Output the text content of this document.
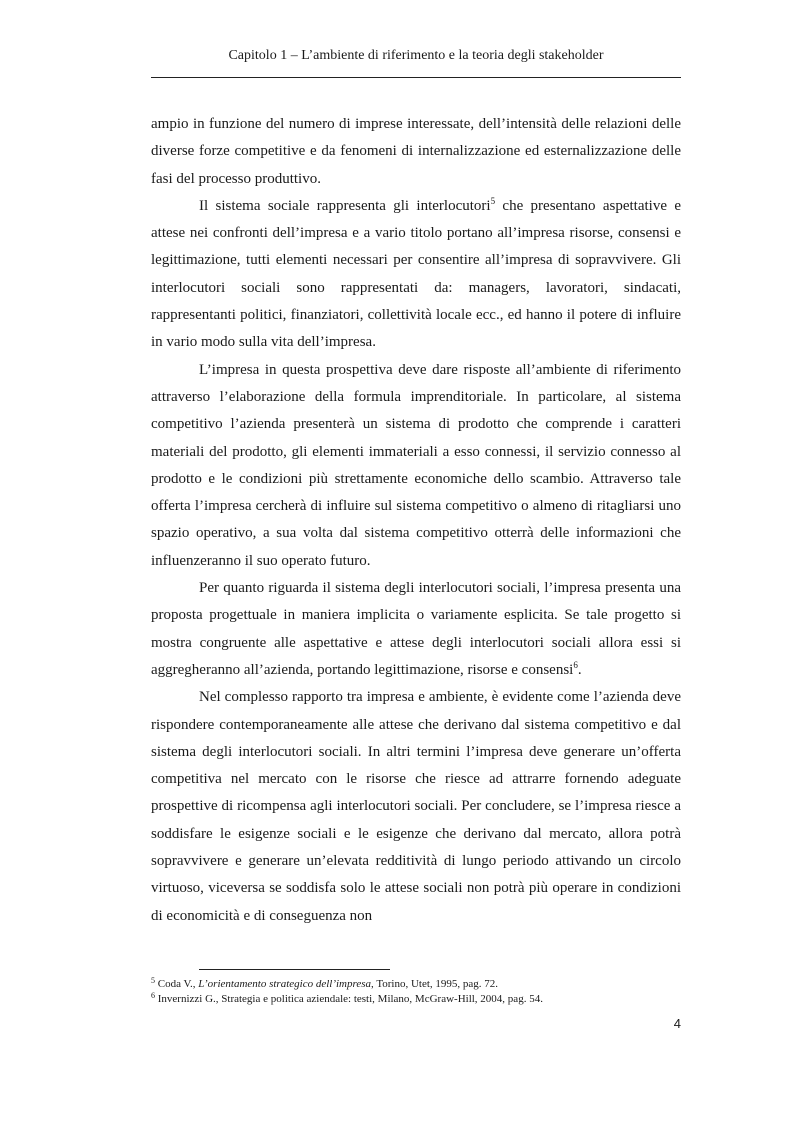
Capitolo 1 – L’ambiente di riferimento e la teoria degli stakeholder

ampio in funzione del numero di imprese interessate, dell’intensità delle relazioni delle diverse forze competitive e da fenomeni di internalizzazione ed esternalizzazione delle fasi del processo produttivo.

Il sistema sociale rappresenta gli interlocutori$^5$ che presentano aspettative e attese nei confronti dell’impresa e a vario titolo portano all’impresa risorse, consensi e legittimazione, tutti elementi necessari per consentire all’impresa di sopravvivere. Gli interlocutori sociali sono rappresentati da: managers, lavoratori, sindacati, rappresentanti politici, finanziatori, collettività locale ecc., ed hanno il potere di influire in vario modo sulla vita dell’impresa.

L’impresa in questa prospettiva deve dare risposte all’ambiente di riferimento attraverso l’elaborazione della formula imprenditoriale. In particolare, al sistema competitivo l’azienda presenterà un sistema di prodotto che comprende i caratteri materiali del prodotto, gli elementi immateriali a esso connessi, il servizio connesso al prodotto e le condizioni più strettamente economiche dello scambio. Attraverso tale offerta l’impresa cercherà di influire sul sistema competitivo o almeno di ritagliarsi uno spazio operativo, a sua volta dal sistema competitivo otterrà delle informazioni che influenzeranno il suo operato futuro.

Per quanto riguarda il sistema degli interlocutori sociali, l’impresa presenta una proposta progettuale in maniera implicita o variamente esplicita. Se tale progetto si mostra congruente alle aspettative e attese degli interlocutori sociali allora essi si aggregheranno all’azienda, portando legittimazione, risorse e consensi$^6$.

Nel complesso rapporto tra impresa e ambiente, è evidente come l’azienda deve rispondere contemporaneamente alle attese che derivano dal sistema competitivo e dal sistema degli interlocutori sociali. In altri termini l’impresa deve generare un’offerta competitiva nel mercato con le risorse che riesce ad attrarre fornendo adeguate prospettive di ricompensa agli interlocutori sociali. Per concludere, se l’impresa riesce a soddisfare le esigenze sociali e le esigenze che derivano dal mercato, allora potrà sopravvivere e generare un’elevata redditività di lungo periodo attivando un circolo virtuoso, viceversa se soddisfa solo le attese sociali non potrà più operare in condizioni di economicità e di conseguenza non

$^5$ Coda V., L’orientamento strategico dell’impresa, Torino, Utet, 1995, pag. 72.

$^6$ Invernizzi G., Strategia e politica aziendale: testi, Milano, McGraw-Hill, 2004, pag. 54.

4
